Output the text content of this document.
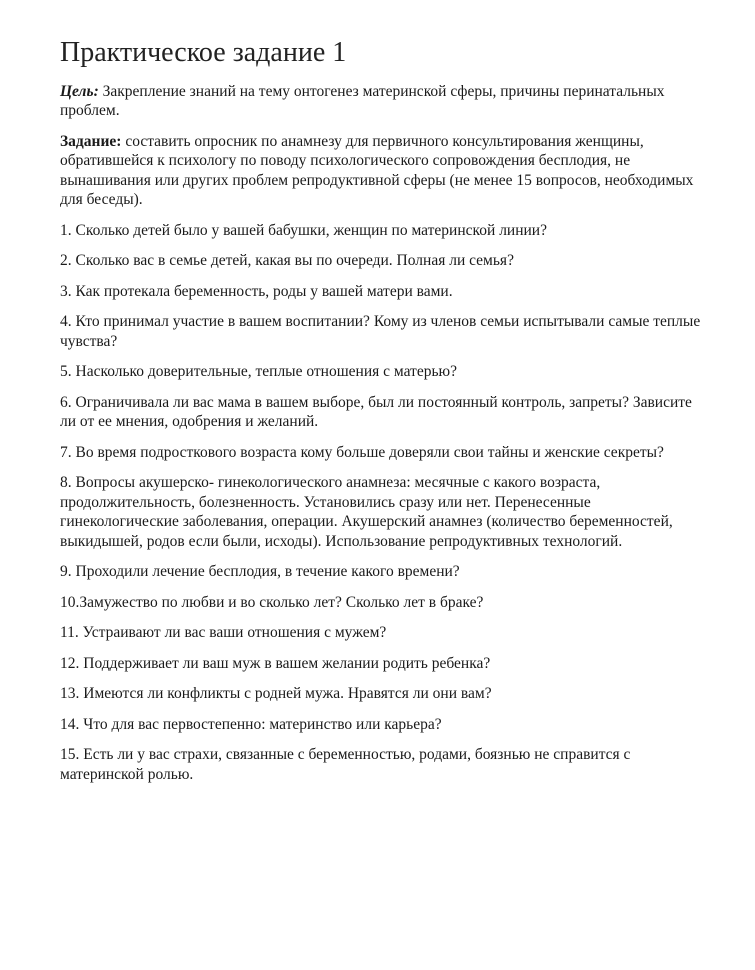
Практическое задание 1

Цель: Закрепление знаний на тему онтогенез материнской сферы, причины перинатальных проблем.

Задание: составить опросник по анамнезу для первичного консультирования женщины, обратившейся к психологу по поводу психологического сопровождения бесплодия, не вынашивания или других проблем репродуктивной сферы (не менее 15 вопросов, необходимых для беседы).

1. Сколько детей было у вашей бабушки, женщин по материнской линии?

2. Сколько вас в семье детей, какая вы по очереди. Полная ли семья?

3. Как протекала беременность, роды у вашей матери вами.

4. Кто принимал участие в вашем воспитании? Кому из членов семьи испытывали самые теплые чувства?

5. Насколько доверительные, теплые отношения с матерью?

6. Ограничивала ли вас мама в вашем выборе, был ли постоянный контроль, запреты? Зависите ли от ее мнения, одобрения и желаний.

7. Во время подросткового возраста кому больше доверяли свои тайны и женские секреты?

8. Вопросы акушерско- гинекологического анамнеза: месячные с какого возраста, продолжительность, болезненность. Установились сразу или нет. Перенесенные гинекологические заболевания, операции. Акушерский анамнез (количество беременностей, выкидышей, родов если были, исходы). Использование репродуктивных технологий.

9. Проходили лечение бесплодия, в течение какого времени?

10.Замужество по любви и во сколько лет? Сколько лет в браке?

11. Устраивают ли вас ваши отношения с мужем?

12. Поддерживает ли ваш муж в вашем желании родить ребенка?

13. Имеются ли конфликты с родней мужа. Нравятся ли они вам?

14. Что для вас первостепенно: материнство или карьера?

15. Есть ли у вас страхи, связанные с беременностью, родами, боязнью не справится с материнской ролью.
